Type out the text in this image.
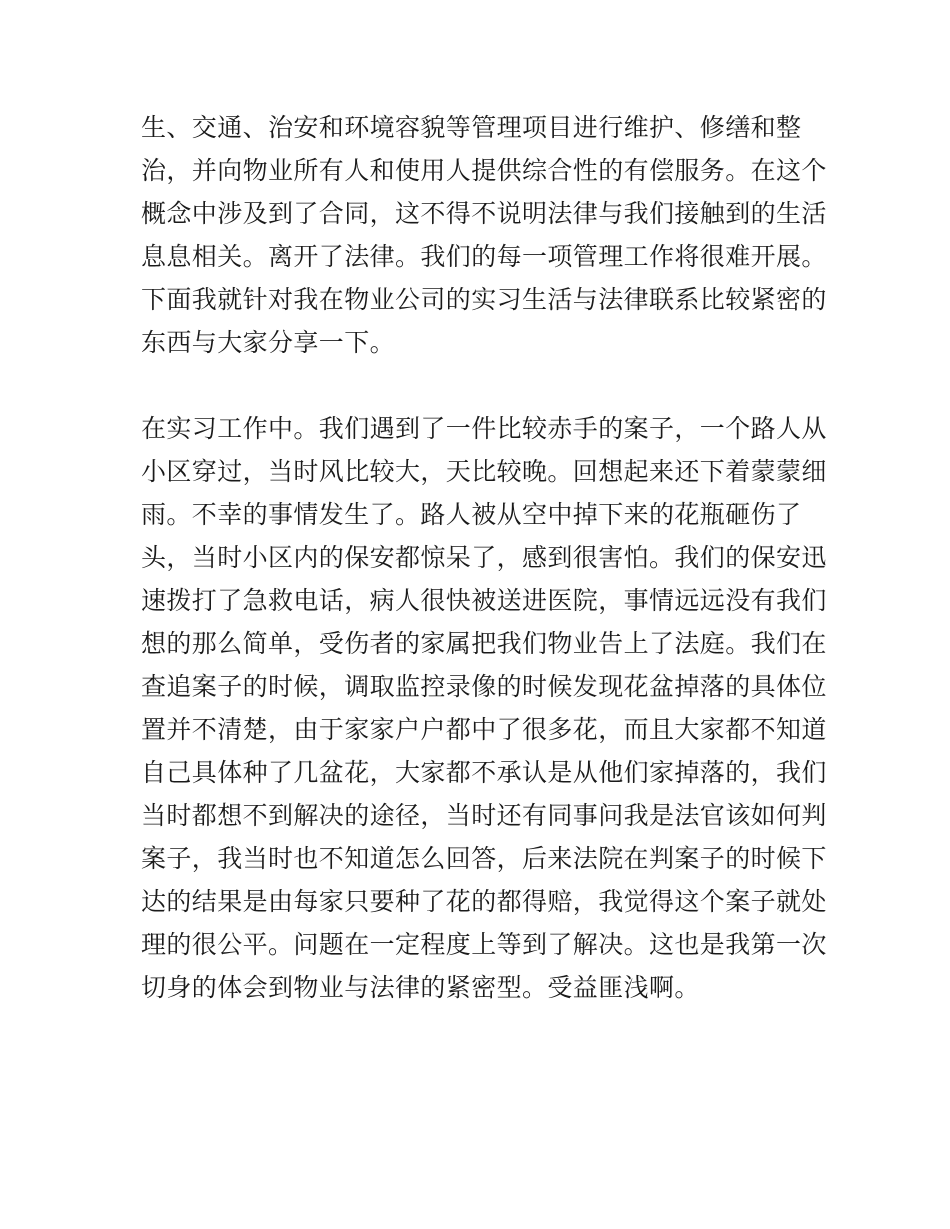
生、交通、治安和环境容貌等管理项目进行维护、修缮和整
治，并向物业所有人和使用人提供综合性的有偿服务。在这个
概念中涉及到了合同，这不得不说明法律与我们接触到的生活
息息相关。离开了法律。我们的每一项管理工作将很难开展。
下面我就针对我在物业公司的实习生活与法律联系比较紧密的
东西与大家分享一下。
在实习工作中。我们遇到了一件比较赤手的案子，一个路人从
小区穿过，当时风比较大，天比较晚。回想起来还下着蒙蒙细
雨。不幸的事情发生了。路人被从空中掉下来的花瓶砸伤了
头，当时小区内的保安都惊呆了，感到很害怕。我们的保安迅
速拨打了急救电话，病人很快被送进医院，事情远远没有我们
想的那么简单，受伤者的家属把我们物业告上了法庭。我们在
查追案子的时候，调取监控录像的时候发现花盆掉落的具体位
置并不清楚，由于家家户户都中了很多花，而且大家都不知道
自己具体种了几盆花，大家都不承认是从他们家掉落的，我们
当时都想不到解决的途径，当时还有同事问我是法官该如何判
案子，我当时也不知道怎么回答，后来法院在判案子的时候下
达的结果是由每家只要种了花的都得赔，我觉得这个案子就处
理的很公平。问题在一定程度上等到了解决。这也是我第一次
切身的体会到物业与法律的紧密型。受益匪浅啊。
